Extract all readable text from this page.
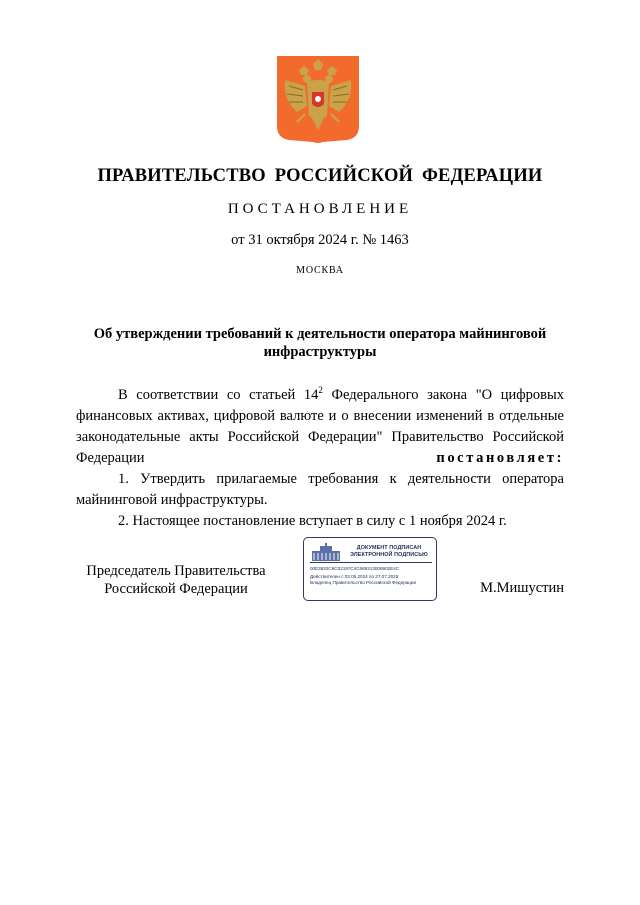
ПРАВИТЕЛЬСТВО РОССИЙСКОЙ ФЕДЕРАЦИИ
ПОСТАНОВЛЕНИЕ
от 31 октября 2024 г. № 1463
МОСКВА
Об утверждении требований к деятельности оператора майнинговой инфраструктуры

В соответствии со статьей $14^2$ Федерального закона "О цифровых финансовых активах, цифровой валюте и о внесении изменений в отдельные законодательные акты Российской Федерации" Правительство Российской Федерации постановляет:

1. Утвердить прилагаемые требования к деятельности оператора майнинговой инфраструктуры.

2. Настоящее постановление вступает в силу с 1 ноября 2024 г.

Председатель Правительства
Российской Федерации
ДОКУМЕНТ ПОДПИСАН
ЭЛЕКТРОННОЙ ПОДПИСЬЮ
00E3632C6C02197C4C669213006902E4C
Действителен с 03.05.2024 по 27.07.2025
Владелец Правительство Российской Федерации	М.Мишустин
